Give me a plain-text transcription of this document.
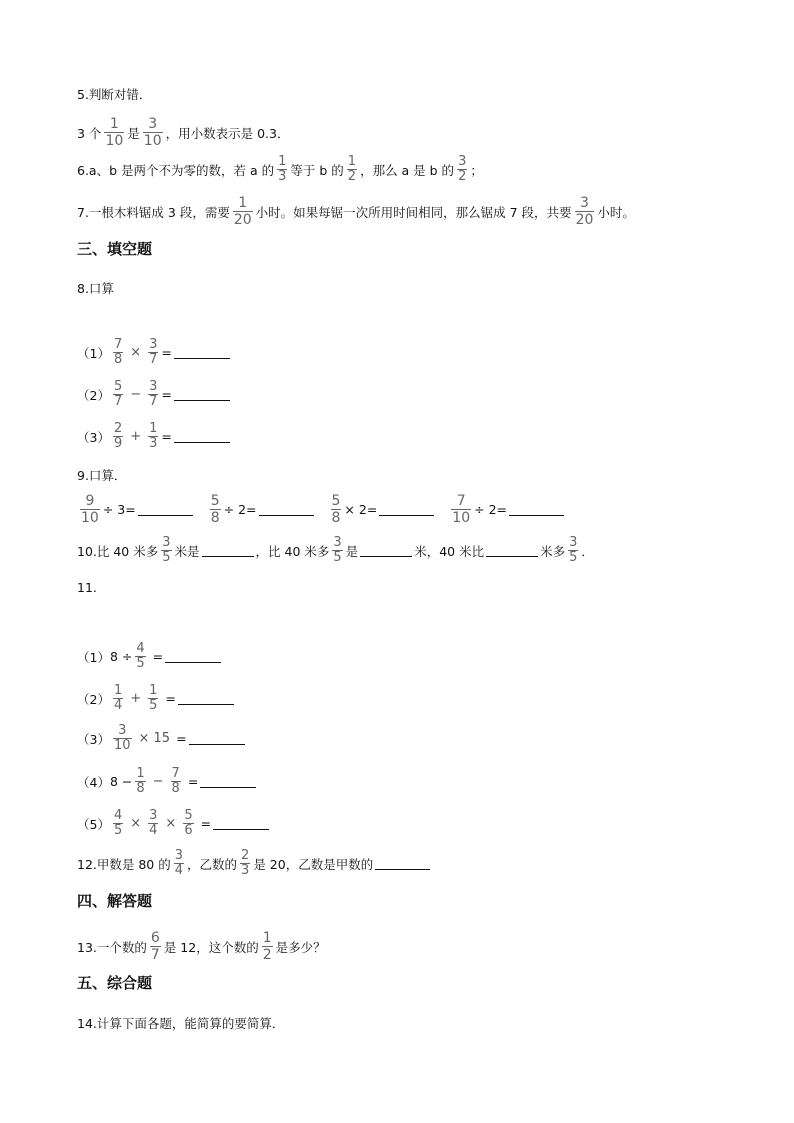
5.判断对错．
3 个 $\frac{1}{10}$ 是 $\frac{3}{10}$ ，用小数表示是 0.3．
6.a、b 是两个不为零的数，若 a 的 $\frac{1}{3}$ 等于 b 的 $\frac{1}{2}$ ，那么 a 是 b 的 $\frac{3}{2}$ ；
7.一根木料锯成 3 段，需要 $\frac{1}{20}$ 小时。如果每锯一次所用时间相同，那么锯成 7 段，共要 $\frac{3}{20}$ 小时。
三、填空题
8.口算
$(1) \frac{7}{8} \times \frac{3}{7}$ =
$(2) \frac{5}{7} - \frac{3}{7}$ =
$(3) \frac{2}{9} + \frac{1}{3}$ =
9.口算．
$\frac{9}{10} \div 3=$	$\frac{5}{8} \div 2=$	$\frac{5}{8} \times 2=$	$\frac{7}{10} \div 2=$
10.比 40 米多 $\frac{3}{5}$ 米是	，比 40 米多 $\frac{3}{5}$ 是	米，40 米比	米多 $\frac{3}{5}$ ．
11.
（1） $8 \div \frac{4}{5}$ =
$(2) \frac{1}{4} + \frac{1}{5}$ =
$(3) \frac{3}{10} \times 15$ =
（4） $8 - \frac{1}{8} - \frac{7}{8}$ =
$(5) \frac{4}{5} \times \frac{3}{4} \times \frac{5}{6}$ =
12.甲数是 80 的 $\frac{3}{4}$ ，乙数的 $\frac{2}{3}$ 是 20，乙数是甲数的
四、解答题
13.一个数的 $\frac{6}{7}$ 是 12，这个数的 $\frac{1}{2}$ 是多少？
五、综合题
14.计算下面各题，能简算的要简算．
